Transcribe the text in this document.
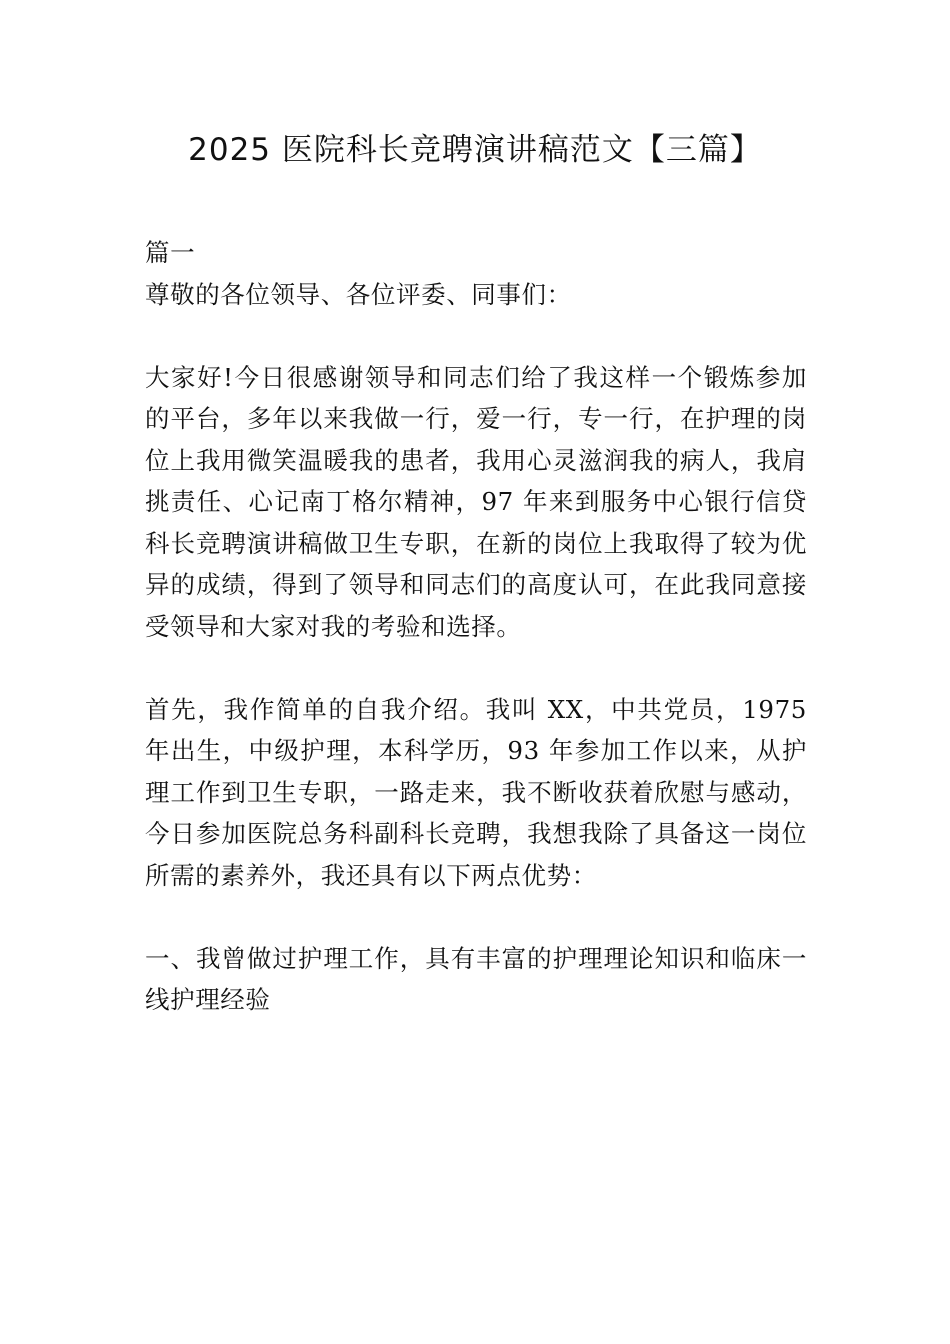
2025 医院科长竞聘演讲稿范文【三篇】

篇一

尊敬的各位领导、各位评委、同事们：

大家好!今日很感谢领导和同志们给了我这样一个锻炼参加的平台，多年以来我做一行，爱一行，专一行，在护理的岗位上我用微笑温暖我的患者，我用心灵滋润我的病人，我肩挑责任、心记南丁格尔精神，97 年来到服务中心银行信贷科长竞聘演讲稿做卫生专职，在新的岗位上我取得了较为优异的成绩，得到了领导和同志们的高度认可，在此我同意接受领导和大家对我的考验和选择。

首先，我作简单的自我介绍。我叫 XX，中共党员，1975 年出生，中级护理，本科学历，93 年参加工作以来，从护理工作到卫生专职，一路走来，我不断收获着欣慰与感动，今日参加医院总务科副科长竞聘，我想我除了具备这一岗位所需的素养外，我还具有以下两点优势：

一、我曾做过护理工作，具有丰富的护理理论知识和临床一线护理经验
